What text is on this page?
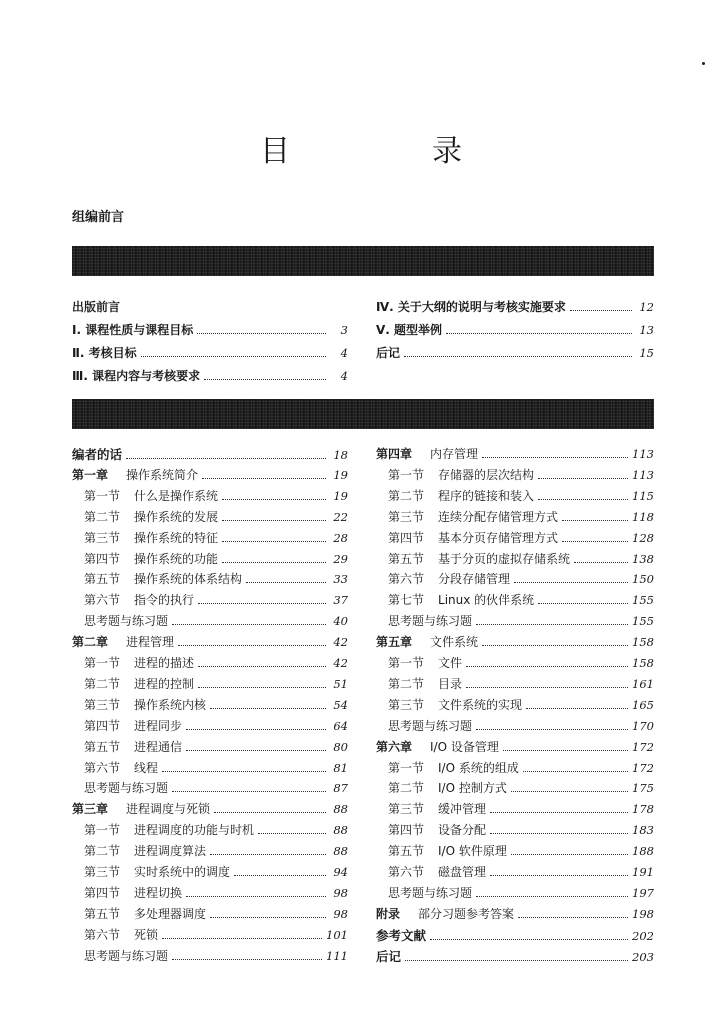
目　录
组编前言
出版前言
Ⅰ. 课程性质与课程目标	3
Ⅱ. 考核目标	4
Ⅲ. 课程内容与考核要求	4
Ⅳ. 关于大纲的说明与考核实施要求	12
Ⅴ. 题型举例	13
后记	15
编者的话	18
第一章 操作系统简介	19
第一节 什么是操作系统	19
第二节 操作系统的发展	22
第三节 操作系统的特征	28
第四节 操作系统的功能	29
第五节 操作系统的体系结构	33
第六节 指令的执行	37
思考题与练习题	40
第二章 进程管理	42
第一节 进程的描述	42
第二节 进程的控制	51
第三节 操作系统内核	54
第四节 进程同步	64
第五节 进程通信	80
第六节 线程	81
思考题与练习题	87
第三章 进程调度与死锁	88
第一节 进程调度的功能与时机	88
第二节 进程调度算法	88
第三节 实时系统中的调度	94
第四节 进程切换	98
第五节 多处理器调度	98
第六节 死锁	101
思考题与练习题	111
第四章 内存管理	113
第一节 存储器的层次结构	113
第二节 程序的链接和装入	115
第三节 连续分配存储管理方式	118
第四节 基本分页存储管理方式	128
第五节 基于分页的虚拟存储系统	138
第六节 分段存储管理	150
第七节 Linux 的伙伴系统	155
思考题与练习题	155
第五章 文件系统	158
第一节 文件	158
第二节 目录	161
第三节 文件系统的实现	165
思考题与练习题	170
第六章 I/O 设备管理	172
第一节 I/O 系统的组成	172
第二节 I/O 控制方式	175
第三节 缓冲管理	178
第四节 设备分配	183
第五节 I/O 软件原理	188
第六节 磁盘管理	191
思考题与练习题	197
附录 部分习题参考答案	198
参考文献	202
后记	203
